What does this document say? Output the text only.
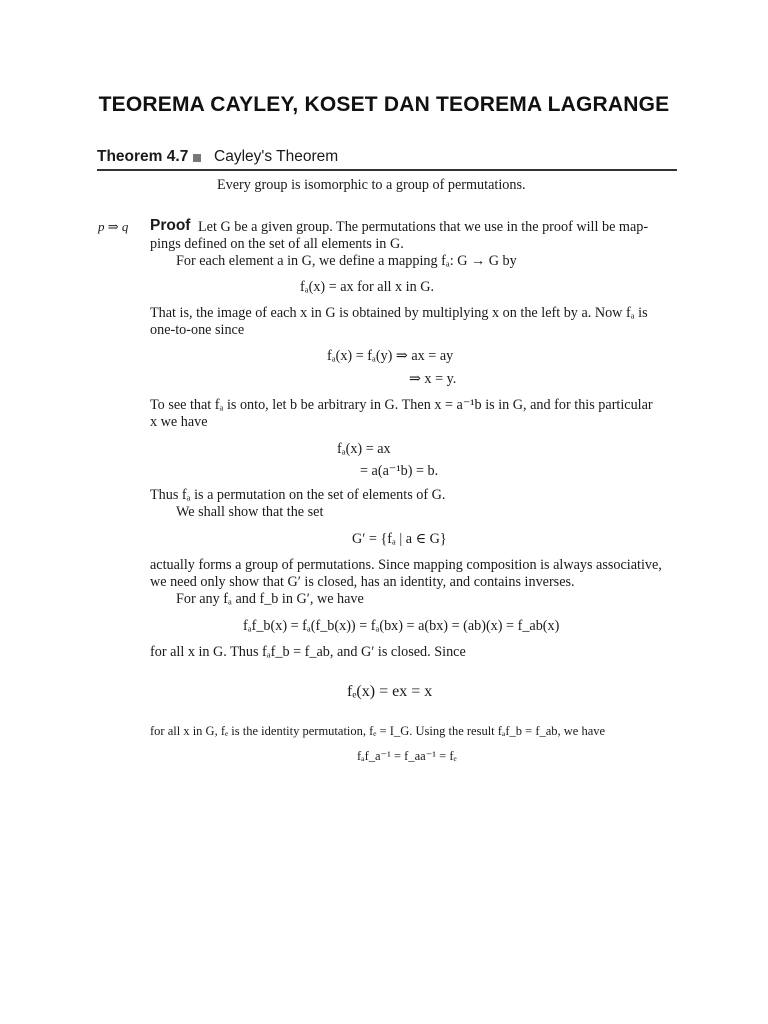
TEOREMA CAYLEY, KOSET DAN TEOREMA LAGRANGE
Theorem 4.7 Cayley's Theorem
Every group is isomorphic to a group of permutations.
p ⇒ q Proof Let G be a given group. The permutations that we use in the proof will be map-
pings defined on the set of all elements in G.
For each element a in G, we define a mapping fₐ: G → G by
fₐ(x) = ax for all x in G.
That is, the image of each x in G is obtained by multiplying x on the left by a. Now fₐ is
one-to-one since
fₐ(x) = fₐ(y) ⇒ ax = ay
⇒ x = y.
To see that fₐ is onto, let b be arbitrary in G. Then x = a⁻¹b is in G, and for this particular
x we have
fₐ(x) = ax
= a(a⁻¹b) = b.
Thus fₐ is a permutation on the set of elements of G.
We shall show that the set
G′ = {fₐ | a ∈ G}
actually forms a group of permutations. Since mapping composition is always associative,
we need only show that G′ is closed, has an identity, and contains inverses.
For any fₐ and f_b in G′, we have
fₐf_b(x) = fₐ(f_b(x)) = fₐ(bx) = a(bx) = (ab)(x) = f_ab(x)
for all x in G. Thus fₐf_b = f_ab, and G′ is closed. Since
fₑ(x) = ex = x
for all x in G, fₑ is the identity permutation, fₑ = I_G. Using the result fₐf_b = f_ab, we have
fₐf_a⁻¹ = f_aa⁻¹ = fₑ
